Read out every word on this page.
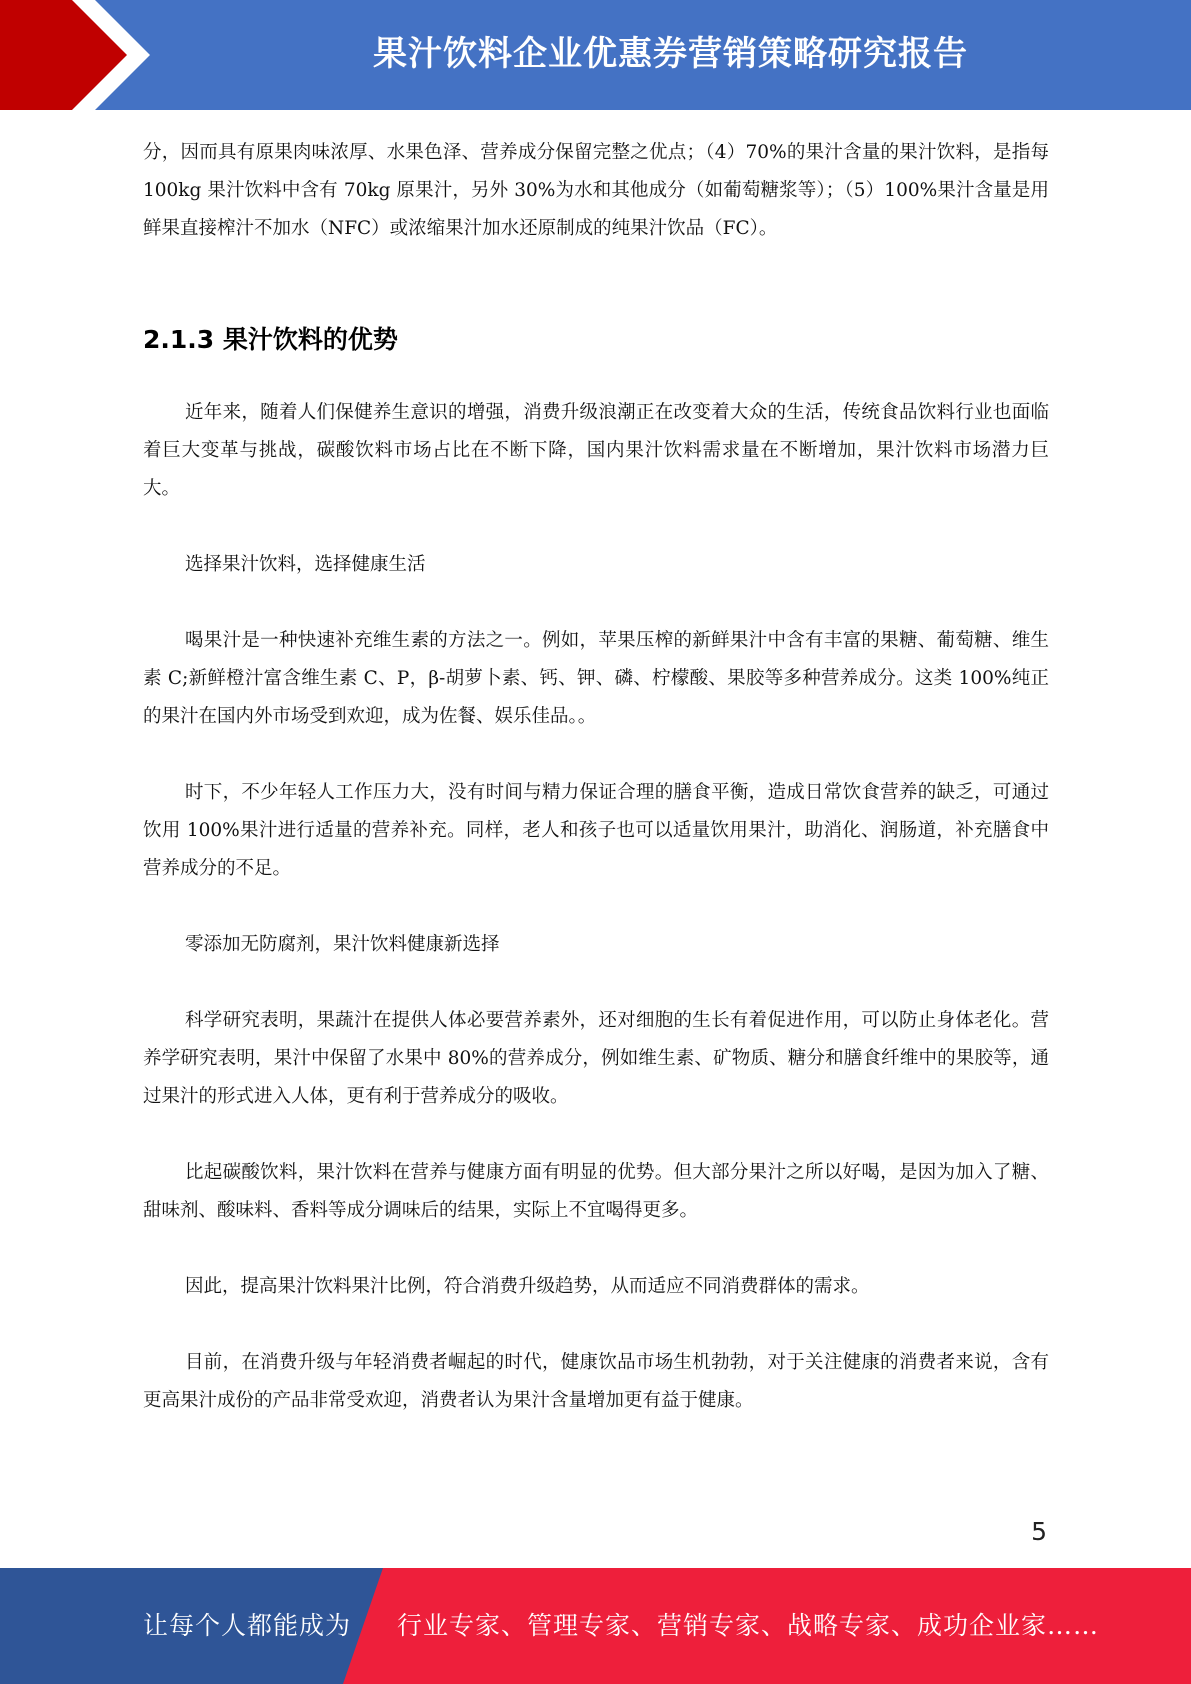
果汁饮料企业优惠券营销策略研究报告

分，因而具有原果肉味浓厚、水果色泽、营养成分保留完整之优点；（4）70%的果汁含量的果汁饮料，是指每 100kg 果汁饮料中含有 70kg 原果汁，另外 30%为水和其他成分（如葡萄糖浆等）；（5）100%果汁含量是用鲜果直接榨汁不加水（NFC）或浓缩果汁加水还原制成的纯果汁饮品（FC）。

2.1.3 果汁饮料的优势

近年来，随着人们保健养生意识的增强，消费升级浪潮正在改变着大众的生活，传统食品饮料行业也面临着巨大变革与挑战，碳酸饮料市场占比在不断下降，国内果汁饮料需求量在不断增加，果汁饮料市场潜力巨大。

选择果汁饮料，选择健康生活

喝果汁是一种快速补充维生素的方法之一。例如，苹果压榨的新鲜果汁中含有丰富的果糖、葡萄糖、维生素 C;新鲜橙汁富含维生素 C、P，β-胡萝卜素、钙、钾、磷、柠檬酸、果胶等多种营养成分。这类 100%纯正的果汁在国内外市场受到欢迎，成为佐餐、娱乐佳品。。

时下，不少年轻人工作压力大，没有时间与精力保证合理的膳食平衡，造成日常饮食营养的缺乏，可通过饮用 100%果汁进行适量的营养补充。同样，老人和孩子也可以适量饮用果汁，助消化、润肠道，补充膳食中营养成分的不足。

零添加无防腐剂，果汁饮料健康新选择

科学研究表明，果蔬汁在提供人体必要营养素外，还对细胞的生长有着促进作用，可以防止身体老化。营养学研究表明，果汁中保留了水果中 80%的营养成分，例如维生素、矿物质、糖分和膳食纤维中的果胶等，通过果汁的形式进入人体，更有利于营养成分的吸收。

比起碳酸饮料，果汁饮料在营养与健康方面有明显的优势。但大部分果汁之所以好喝，是因为加入了糖、甜味剂、酸味料、香料等成分调味后的结果，实际上不宜喝得更多。

因此，提高果汁饮料果汁比例，符合消费升级趋势，从而适应不同消费群体的需求。

目前，在消费升级与年轻消费者崛起的时代，健康饮品市场生机勃勃，对于关注健康的消费者来说，含有更高果汁成份的产品非常受欢迎，消费者认为果汁含量增加更有益于健康。

5
让每个人都能成为 行业专家、管理专家、营销专家、战略专家、成功企业家……
